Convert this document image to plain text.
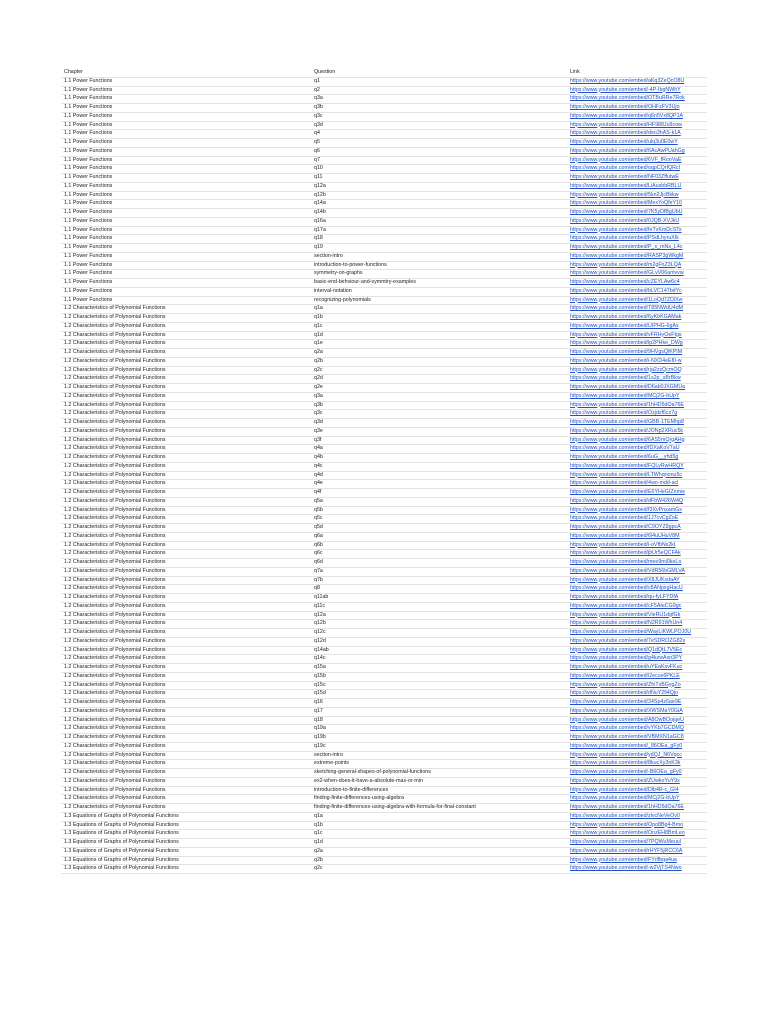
Chapter	Question	Link
1.1 Power Functions	q1	https://www.youtube.com/embed/aKq3ZeQcO8U
1.1 Power Functions	q2	https://www.youtube.com/embed/-4P-IbgNWhY
1.1 Power Functions	q3a	https://www.youtube.com/embed/OTBuRRe7Rok
1.1 Power Functions	q3b	https://www.youtube.com/embed/OHFzFV3Ujo
1.1 Power Functions	q3c	https://www.youtube.com/embed/q6n5Vx8QP1A
1.1 Power Functions	q3d	https://www.youtube.com/embed/HF988Ju9cow
1.1 Power Functions	q4	https://www.youtube.com/embed/deo3hAS-k1A
1.1 Power Functions	q5	https://www.youtube.com/embed/ulq3u0E0wY
1.1 Power Functions	q6	https://www.youtube.com/embed/6AcAwPUahGg
1.1 Power Functions	q7	https://www.youtube.com/embed/6VF_fRooVaE
1.1 Power Functions	q10	https://www.youtube.com/embed/oqpCQrfQRcI
1.1 Power Functions	q11	https://www.youtube.com/embed/NF03ZffutwE
1.1 Power Functions	q12a	https://www.youtube.com/embed/LiAusbbRBLU
1.1 Power Functions	q12b	https://www.youtube.com/embed/5kn2JjcBkkw
1.1 Power Functions	q14a	https://www.youtube.com/embed/MexYoQfeY10
1.1 Power Functions	q14b	https://www.youtube.com/embed/7K5yDfBgUbU
1.1 Power Functions	q16a	https://www.youtube.com/embed/0JQB-XVJkU
1.1 Power Functions	q17a	https://www.youtube.com/embed/feTvKmDcSTs
1.1 Power Functions	q18	https://www.youtube.com/embed/PSdLhyruXIk
1.1 Power Functions	q19	https://www.youtube.com/embed/P_x_mNs_L4c
1.1 Power Functions	section-intro	https://www.youtube.com/embed/RASP3gWkgM
1.1 Power Functions	introduction-to-power-functions	https://www.youtube.com/embed/m2gFnZ3LQA
1.1 Power Functions	symmetry-on-graphs	https://www.youtube.com/embed/GLvV06amvvw
1.1 Power Functions	basic-end-behviour-and-symmtry-examples	https://www.youtube.com/embed/cZEYLAw6c4
1.1 Power Functions	interval-notation	https://www.youtube.com/embed/bLVC147bdYc
1.1 Power Functions	recognizing-polynomials	https://www.youtube.com/embed/1LoQd7ZDlXw
1.2 Characteristics of Polynomial Functions	q1a	https://www.youtube.com/embed/T85NWdU4dM
1.2 Characteristics of Polynomial Functions	q1b	https://www.youtube.com/embed/6yKbKGAMak
1.2 Characteristics of Polynomial Functions	q1c	https://www.youtube.com/embed/UIPHG-6gAs
1.2 Characteristics of Polynomial Functions	q1d	https://www.youtube.com/embed/vFRHyOeFtgs
1.2 Characteristics of Polynomial Functions	q1e	https://www.youtube.com/embed/lp2PHke_DWg
1.2 Characteristics of Polynomial Functions	q2a	https://www.youtube.com/embed/9HVgsQlKPIM
1.2 Characteristics of Polynomial Functions	q2b	https://www.youtube.com/embed/i-NXD4eEf0-w
1.2 Characteristics of Polynomial Functions	q2c	https://www.youtube.com/embed/rja2zzQcmOQ
1.2 Characteristics of Polynomial Functions	q2d	https://www.youtube.com/embed/1s2p_uBrBkw
1.2 Characteristics of Polynomial Functions	q2e	https://www.youtube.com/embed/D6ab0JXGMUa
1.2 Characteristics of Polynomial Functions	q3a	https://www.youtube.com/embed/MCj2G-bUpY
1.2 Characteristics of Polynomial Functions	q3b	https://www.youtube.com/embed/1hHD5dOa76E
1.2 Characteristics of Polynomial Functions	q3c	https://www.youtube.com/embed/Ozjdzf6cz7g
1.2 Characteristics of Polynomial Functions	q3d	https://www.youtube.com/embed/GBB-1TEMhp8
1.2 Characteristics of Polynomial Functions	q3e	https://www.youtube.com/embed/JONp2XRuc5k
1.2 Characteristics of Polynomial Functions	q3f	https://www.youtube.com/embed/6AS5mQrgAHg
1.2 Characteristics of Polynomial Functions	q4a	https://www.youtube.com/embed/fDXaKoV7aU
1.2 Characteristics of Polynomial Functions	q4b	https://www.youtube.com/embed/6uG__yhd5g
1.2 Characteristics of Polynomial Functions	q4c	https://www.youtube.com/embed/FQLyRwHRQY
1.2 Characteristics of Polynomial Functions	q4d	https://www.youtube.com/embed/LTWhqnonu5c
1.2 Characteristics of Polynomial Functions	q4e	https://www.youtube.com/embed/4wo-mdd-acl
1.2 Characteristics of Polynomial Functions	q4f	https://www.youtube.com/embed/E6YHeGIZnmw
1.2 Characteristics of Polynomial Functions	q5a	https://www.youtube.com/embed/dFbW426W4Q
1.2 Characteristics of Polynomial Functions	q5b	https://www.youtube.com/embed/f3XvPnxamGs
1.2 Characteristics of Polynomial Functions	q5c	https://www.youtube.com/embed/1J7cvCgZoE
1.2 Characteristics of Polynomial Functions	q5d	https://www.youtube.com/embed/C9OYZ9gpcA
1.2 Characteristics of Polynomial Functions	q6a	https://www.youtube.com/embed/6l4uUHuV8M
1.2 Characteristics of Polynomial Functions	q6b	https://www.youtube.com/embed/i-oVfbNs2kI
1.2 Characteristics of Polynomial Functions	q6c	https://www.youtube.com/embed/jbUr5eQCFAk
1.2 Characteristics of Polynomial Functions	q6d	https://www.youtube.com/embed/mee9mi0keLo
1.2 Characteristics of Polynomial Functions	q7a	https://www.youtube.com/embed/VdR56bGMLVA
1.2 Characteristics of Polynomial Functions	q7b	https://www.youtube.com/embed/X8JUKxdaAY
1.2 Characteristics of Polynomial Functions	q8	https://www.youtube.com/embed/c8ANpxgHacU
1.2 Characteristics of Polynomial Functions	q11ab	https://www.youtube.com/embed/qu-fyLFYDfA
1.2 Characteristics of Polynomial Functions	q11c	https://www.youtube.com/embed/cF5AteCG9gc
1.2 Characteristics of Polynomial Functions	q12a	https://www.youtube.com/embed/VieRU1dgfGk
1.2 Characteristics of Polynomial Functions	q12b	https://www.youtube.com/embed/N2R91WhUn4
1.2 Characteristics of Polynomial Functions	q12c	https://www.youtube.com/embed/WayLiKWLPOJ0U
1.2 Characteristics of Polynomial Functions	q12d	https://www.youtube.com/embed/7eSDROZG82s
1.2 Characteristics of Polynomial Functions	q14ab	https://www.youtube.com/embed/Q1dQtL7V5Ec
1.2 Characteristics of Polynomial Functions	q14c	https://www.youtube.com/embed/g4kzwAxn3PY
1.2 Characteristics of Polynomial Functions	q15a	https://www.youtube.com/embed/uYEaKxvFKuc
1.2 Characteristics of Polynomial Functions	q15b	https://www.youtube.com/embed/l2ecce6PKLE
1.2 Characteristics of Polynomial Functions	q15c	https://www.youtube.com/embed/ZfxTxBGygZo
1.2 Characteristics of Polynomial Functions	q15d	https://www.youtube.com/embed/dNuY2fi4Qjo
1.2 Characteristics of Polynomial Functions	q16	https://www.youtube.com/embed/34Sp4z6ae9E
1.2 Characteristics of Polynomial Functions	q17	https://www.youtube.com/embed/XWSMaY0GiA
1.2 Characteristics of Polynomial Functions	q18	https://www.youtube.com/embed/A8OwBOojqeU
1.2 Characteristics of Polynomial Functions	q19a	https://www.youtube.com/embed/vYKb7GCDMQ
1.2 Characteristics of Polynomial Functions	q19b	https://www.youtube.com/embed/VBMXN1aGC8
1.2 Characteristics of Polynomial Functions	q19c	https://www.youtube.com/embed/_86OEa_gFy0
1.2 Characteristics of Polynomial Functions	section-intro	https://www.youtube.com/embed/ydQJ_N6Vqcc
1.2 Characteristics of Polynomial Functions	extreme-points	https://www.youtube.com/embed/8kucXy3nK3k
1.2 Characteristics of Polynomial Functions	sketching-general-shapes-of-polynomial-functions	https://www.youtube.com/embed/-B6OEa_gFy0
1.2 Characteristics of Polynomial Functions	ex2-when-does-it-have-a-absolute-max-or-min	https://www.youtube.com/embed/ZUwkoYuY9s
1.2 Characteristics of Polynomial Functions	introduction-to-finite-differences	https://www.youtube.com/embed/Dlb4R-c_GI4
1.2 Characteristics of Polynomial Functions	finding-finite-differences-using-algebra	https://www.youtube.com/embed/MCj2G-bUpY
1.2 Characteristics of Polynomial Functions	finding-finite-differences-using-algebra-with-formula-for-final-constant	https://www.youtube.com/embed/1hHD5dOa76E
1.3 Equations of Graphs of Polynomial Functions	q1a	https://www.youtube.com/embed/zlvcNeVeOv0
1.3 Equations of Graphs of Polynomial Functions	q1b	https://www.youtube.com/embed/Opo8Bg4-Bmo
1.3 Equations of Graphs of Polynomial Functions	q1c	https://www.youtube.com/embed/OnzEH8BmLeo
1.3 Equations of Graphs of Polynomial Functions	q1d	https://www.youtube.com/embed/7PQWuMeuul
1.3 Equations of Graphs of Polynomial Functions	q2a	https://www.youtube.com/embed/rHYF5jRCC6A
1.3 Equations of Graphs of Polynomial Functions	q2b	https://www.youtube.com/embed/FYrlfbqa4ua
1.3 Equations of Graphs of Polynomial Functions	q2c	https://www.youtube.com/embed/-w2VjTS4Nwo
